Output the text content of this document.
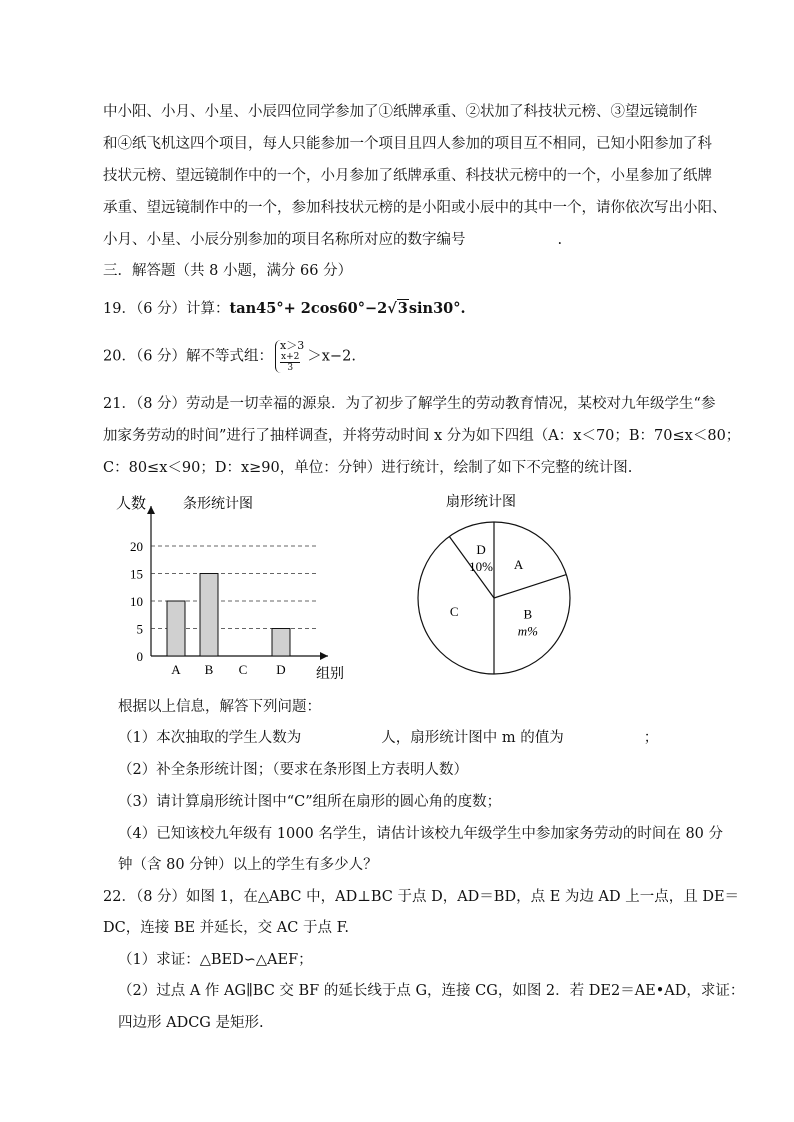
中小阳、小月、小星、小辰四位同学参加了①纸牌承重、②状加了科技状元榜、③望远镜制作
和④纸飞机这四个项目，每人只能参加一个项目且四人参加的项目互不相同，已知小阳参加了科
技状元榜、望远镜制作中的一个，小月参加了纸牌承重、科技状元榜中的一个，小星参加了纸牌
承重、望远镜制作中的一个，参加科技状元榜的是小阳或小辰中的其中一个，请你依次写出小阳、
小月、小星、小辰分别参加的项目名称所对应的数字编号	.
三．解答题（共 8 小题，满分 66 分）
19．（6 分）计算：tan45°+ 2cos60°−2√3sin30°.
20．（6 分）解不等式组：x＞3

$\frac{x+2}{3} >x-2$.
21．（8 分）劳动是一切幸福的源泉．为了初步了解学生的劳动教育情况，某校对九年级学生“参
加家务劳动的时间”进行了抽样调查，并将劳动时间 x 分为如下四组（A：x＜70；B：70≤x＜80；
C：80≤x＜90；D：x≥90，单位：分钟）进行统计，绘制了如下不完整的统计图.
人数	条形统计图
组别
0
5
10
15
20
A B C D
扇形统计图
A
B
m%
C
D
10%
根据以上信息，解答下列问题：
（1）本次抽取的学生人数为	人，扇形统计图中 m 的值为	；
（2）补全条形统计图；（要求在条形图上方表明人数）
（3）请计算扇形统计图中“C”组所在扇形的圆心角的度数；
（4）已知该校九年级有 1000 名学生，请估计该校九年级学生中参加家务劳动的时间在 80 分
钟（含 80 分钟）以上的学生有多少人？
22．（8 分）如图 1，在△ABC 中，AD⊥BC 于点 D，AD＝BD，点 E 为边 AD 上一点，且 DE＝
DC，连接 BE 并延长，交 AC 于点 F.
（1）求证：△BED∽△AEF；
（2）过点 A 作 AG∥BC 交 BF 的延长线于点 G，连接 CG，如图 2．若 DE2＝AE•AD，求证：
四边形 ADCG 是矩形.
